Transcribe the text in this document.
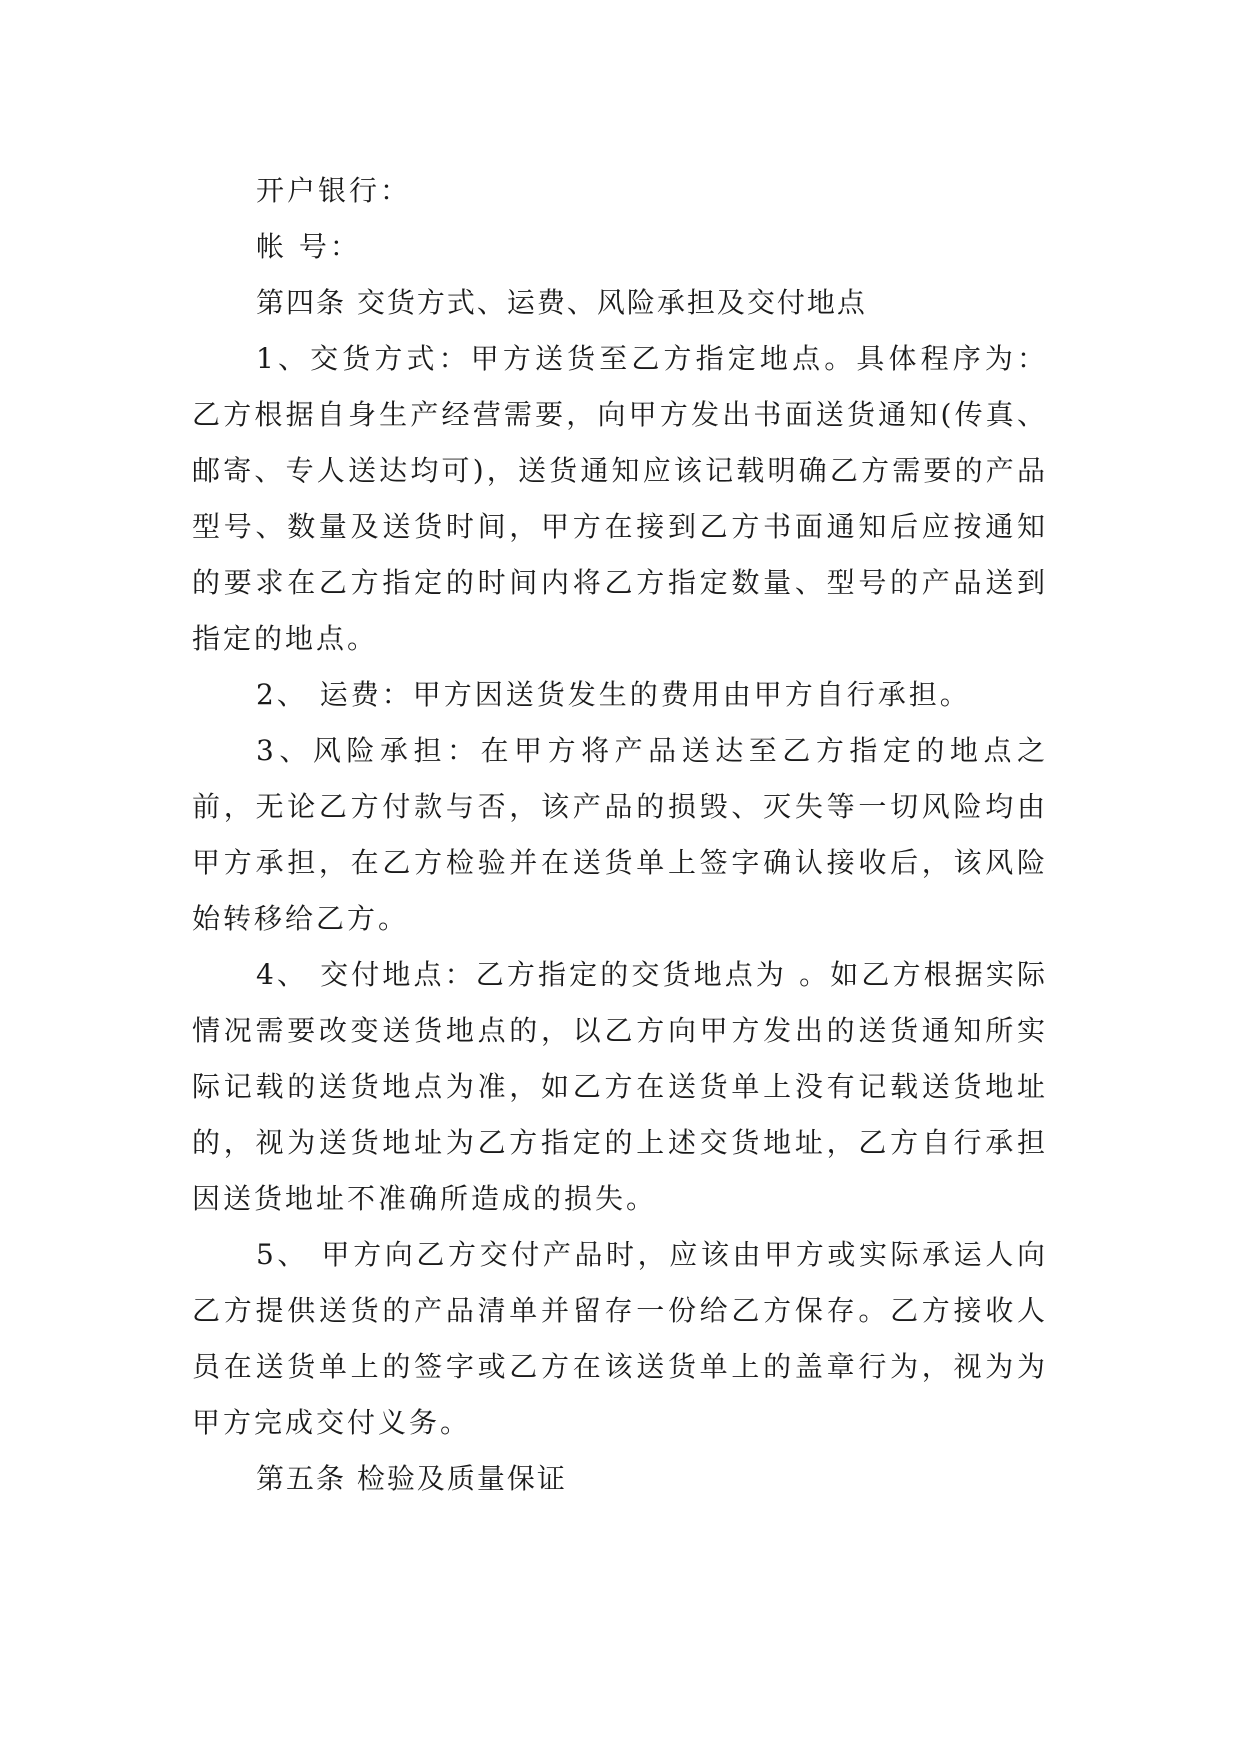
开户银行：

帐 号：

第四条 交货方式、运费、风险承担及交付地点

1、交货方式：甲方送货至乙方指定地点。具体程序为：乙方根据自身生产经营需要，向甲方发出书面送货通知(传真、邮寄、专人送达均可)，送货通知应该记载明确乙方需要的产品型号、数量及送货时间，甲方在接到乙方书面通知后应按通知的要求在乙方指定的时间内将乙方指定数量、型号的产品送到指定的地点。

2、 运费：甲方因送货发生的费用由甲方自行承担。

3、风险承担：在甲方将产品送达至乙方指定的地点之前，无论乙方付款与否，该产品的损毁、灭失等一切风险均由甲方承担，在乙方检验并在送货单上签字确认接收后，该风险始转移给乙方。

4、 交付地点：乙方指定的交货地点为 。如乙方根据实际情况需要改变送货地点的，以乙方向甲方发出的送货通知所实际记载的送货地点为准，如乙方在送货单上没有记载送货地址的，视为送货地址为乙方指定的上述交货地址，乙方自行承担因送货地址不准确所造成的损失。

5、 甲方向乙方交付产品时，应该由甲方或实际承运人向乙方提供送货的产品清单并留存一份给乙方保存。乙方接收人员在送货单上的签字或乙方在该送货单上的盖章行为，视为为甲方完成交付义务。

第五条 检验及质量保证
